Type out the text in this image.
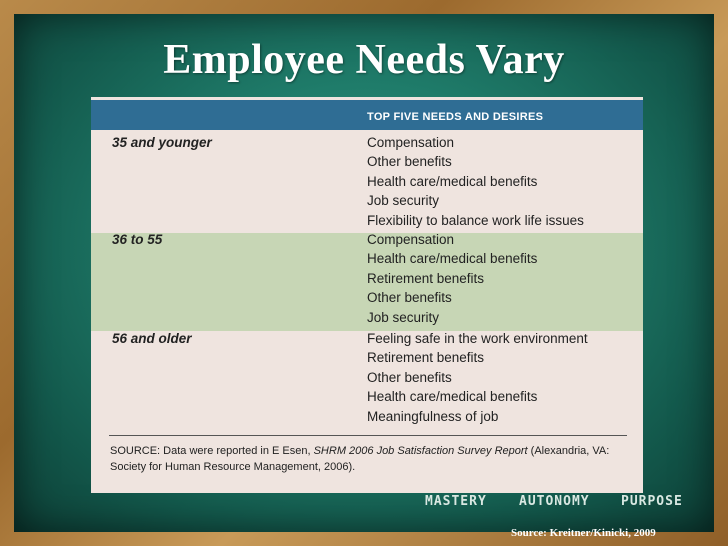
Employee Needs Vary
TOP FIVE NEEDS AND DESIRES
35 and younger	Compensation
Other benefits
Health care/medical benefits
Job security
Flexibility to balance work life issues
36 to 55	Compensation
Health care/medical benefits
Retirement benefits
Other benefits
Job security
56 and older	Feeling safe in the work environment
Retirement benefits
Other benefits
Health care/medical benefits
Meaningfulness of job
SOURCE: Data were reported in E Esen, SHRM 2006 Job Satisfaction Survey Report (Alexandria, VA: Society for Human Resource Management, 2006).
MASTERY AUTONOMY PURPOSE
Source: Kreitner/Kinicki, 2009
